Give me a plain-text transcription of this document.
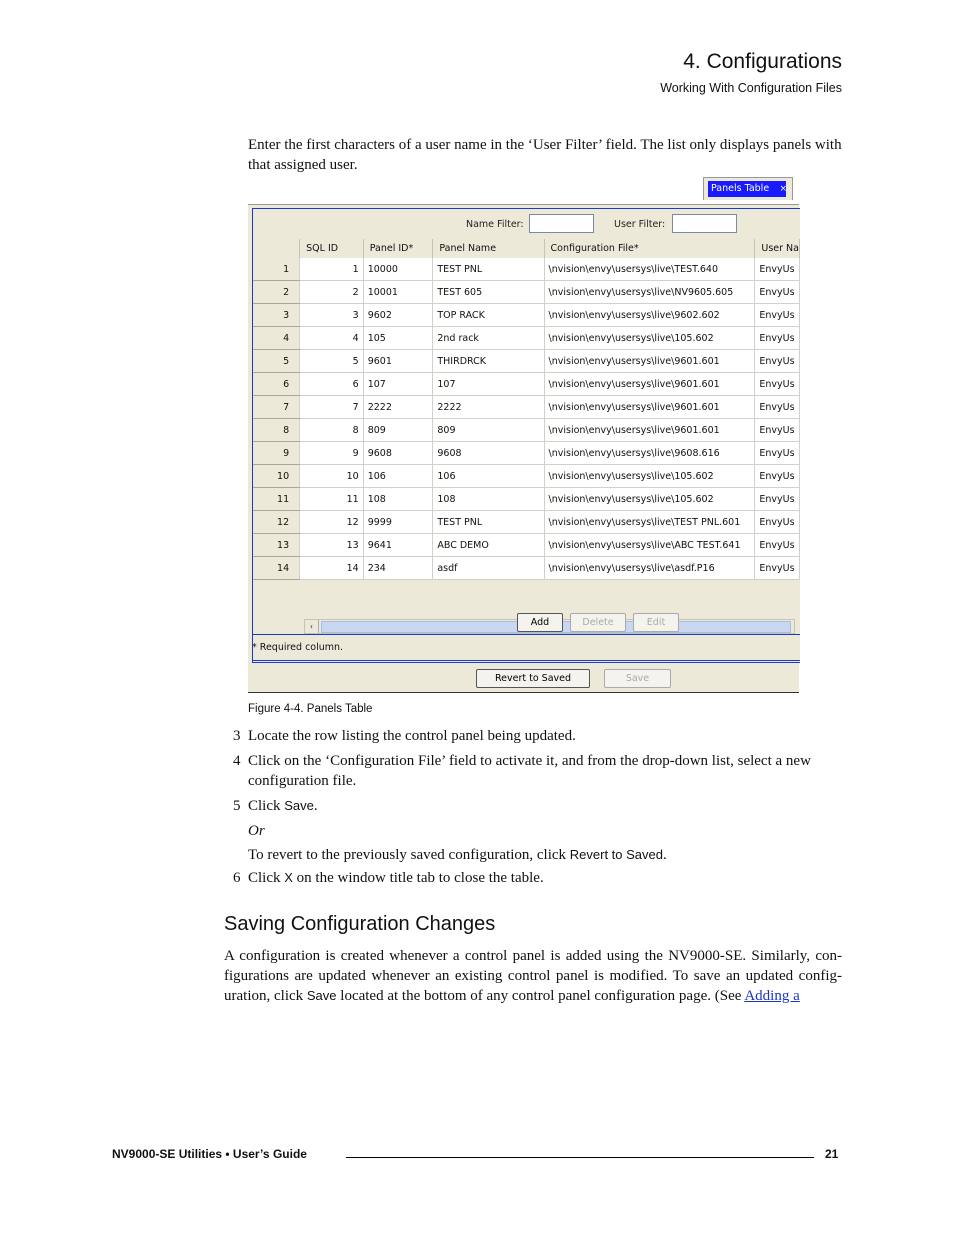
4. Configurations
Working With Configuration Files
Enter the first characters of a user name in the ‘User Filter’ field. The list only displays panels with that assigned user.
Panels Table ×
Name Filter:	User Filter:
	SQL ID	Panel ID*	Panel Name	Configuration File*	User Na
1	1	10000	TEST PNL	\nvision\envy\usersys\live\TEST.640	EnvyUs
2	2	10001	TEST 605	\nvision\envy\usersys\live\NV9605.605	EnvyUs
3	3	9602	TOP RACK	\nvision\envy\usersys\live\9602.602	EnvyUs
4	4	105	2nd rack	\nvision\envy\usersys\live\105.602	EnvyUs
5	5	9601	THIRDRCK	\nvision\envy\usersys\live\9601.601	EnvyUs
6	6	107	107	\nvision\envy\usersys\live\9601.601	EnvyUs
7	7	2222	2222	\nvision\envy\usersys\live\9601.601	EnvyUs
8	8	809	809	\nvision\envy\usersys\live\9601.601	EnvyUs
9	9	9608	9608	\nvision\envy\usersys\live\9608.616	EnvyUs
10	10	106	106	\nvision\envy\usersys\live\105.602	EnvyUs
11	11	108	108	\nvision\envy\usersys\live\105.602	EnvyUs
12	12	9999	TEST PNL	\nvision\envy\usersys\live\TEST PNL.601	EnvyUs
13	13	9641	ABC DEMO	\nvision\envy\usersys\live\ABC TEST.641	EnvyUs
14	14	234	asdf	\nvision\envy\usersys\live\asdf.P16	EnvyUs
‹	Add	Delete	Edit
* Required column.
Revert to Saved	Save
Figure 4-4. Panels Table
3 Locate the row listing the control panel being updated.
4 Click on the ‘Configuration File’ field to activate it, and from the drop-down list, select a new configuration file.
5 Click Save.
Or
To revert to the previously saved configuration, click Revert to Saved.
6 Click X on the window title tab to close the table.
Saving Configuration Changes
A configuration is created whenever a control panel is added using the NV9000-SE. Similarly, con-figurations are updated whenever an existing control panel is modified. To save an updated config-uration, click Save located at the bottom of any control panel configuration page. (See Adding a
NV9000-SE Utilities • User’s Guide	21
